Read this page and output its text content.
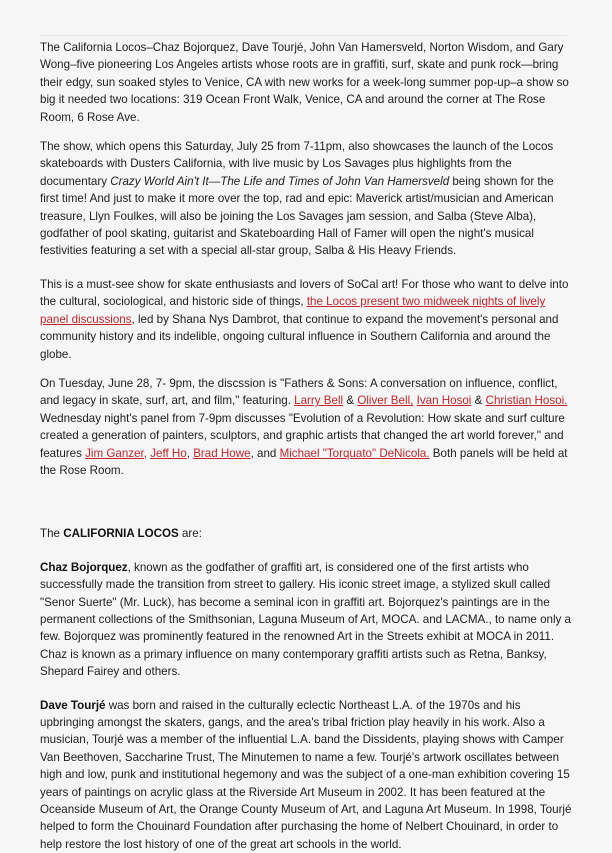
The California Locos–Chaz Bojorquez, Dave Tourjé, John Van Hamersveld, Norton Wisdom, and Gary Wong–five pioneering Los Angeles artists whose roots are in graffiti, surf, skate and punk rock—bring their edgy, sun soaked styles to Venice, CA with new works for a week-long summer pop-up–a show so big it needed two locations: 319 Ocean Front Walk, Venice, CA and around the corner at The Rose Room, 6 Rose Ave.

The show, which opens this Saturday, July 25 from 7-11pm, also showcases the launch of the Locos skateboards with Dusters California, with live music by Los Savages plus highlights from the documentary Crazy World Ain't It—The Life and Times of John Van Hamersveld being shown for the first time! And just to make it more over the top, rad and epic: Maverick artist/musician and American treasure, Llyn Foulkes, will also be joining the Los Savages jam session, and Salba (Steve Alba), godfather of pool skating, guitarist and Skateboarding Hall of Famer will open the night's musical festivities featuring a set with a special all-star group, Salba & His Heavy Friends.

This is a must-see show for skate enthusiasts and lovers of SoCal art! For those who want to delve into the cultural, sociological, and historic side of things, the Locos present two midweek nights of lively panel discussions, led by Shana Nys Dambrot, that continue to expand the movement's personal and community history and its indelible, ongoing cultural influence in Southern California and around the globe.

On Tuesday, June 28, 7- 9pm, the discssion is "Fathers & Sons: A conversation on influence, conflict, and legacy in skate, surf, art, and film," featuring. Larry Bell & Oliver Bell, Ivan Hosoi & Christian Hosoi. Wednesday night's panel from 7-9pm discusses "Evolution of a Revolution: How skate and surf culture created a generation of painters, sculptors, and graphic artists that changed the art world forever," and features Jim Ganzer, Jeff Ho, Brad Howe, and Michael "Torquato" DeNicola. Both panels will be held at the Rose Room.

The CALIFORNIA LOCOS are:

Chaz Bojorquez, known as the godfather of graffiti art, is considered one of the first artists who successfully made the transition from street to gallery. His iconic street image, a stylized skull called "Senor Suerte" (Mr. Luck), has become a seminal icon in graffiti art. Bojorquez's paintings are in the permanent collections of the Smithsonian, Laguna Museum of Art, MOCA. and LACMA., to name only a few. Bojorquez was prominently featured in the renowned Art in the Streets exhibit at MOCA in 2011. Chaz is known as a primary influence on many contemporary graffiti artists such as Retna, Banksy, Shepard Fairey and others.

Dave Tourjé was born and raised in the culturally eclectic Northeast L.A. of the 1970s and his upbringing amongst the skaters, gangs, and the area's tribal friction play heavily in his work. Also a musician, Tourjé was a member of the influential L.A. band the Dissidents, playing shows with Camper Van Beethoven, Saccharine Trust, The Minutemen to name a few. Tourjé's artwork oscillates between high and low, punk and institutional hegemony and was the subject of a one-man exhibition covering 15 years of paintings on acrylic glass at the Riverside Art Museum in 2002. It has been featured at the Oceanside Museum of Art, the Orange County Museum of Art, and Laguna Art Museum. In 1998, Tourjé helped to form the Chouinard Foundation after purchasing the home of Nelbert Chouinard, in order to help restore the lost history of one of the great art schools in the world.
